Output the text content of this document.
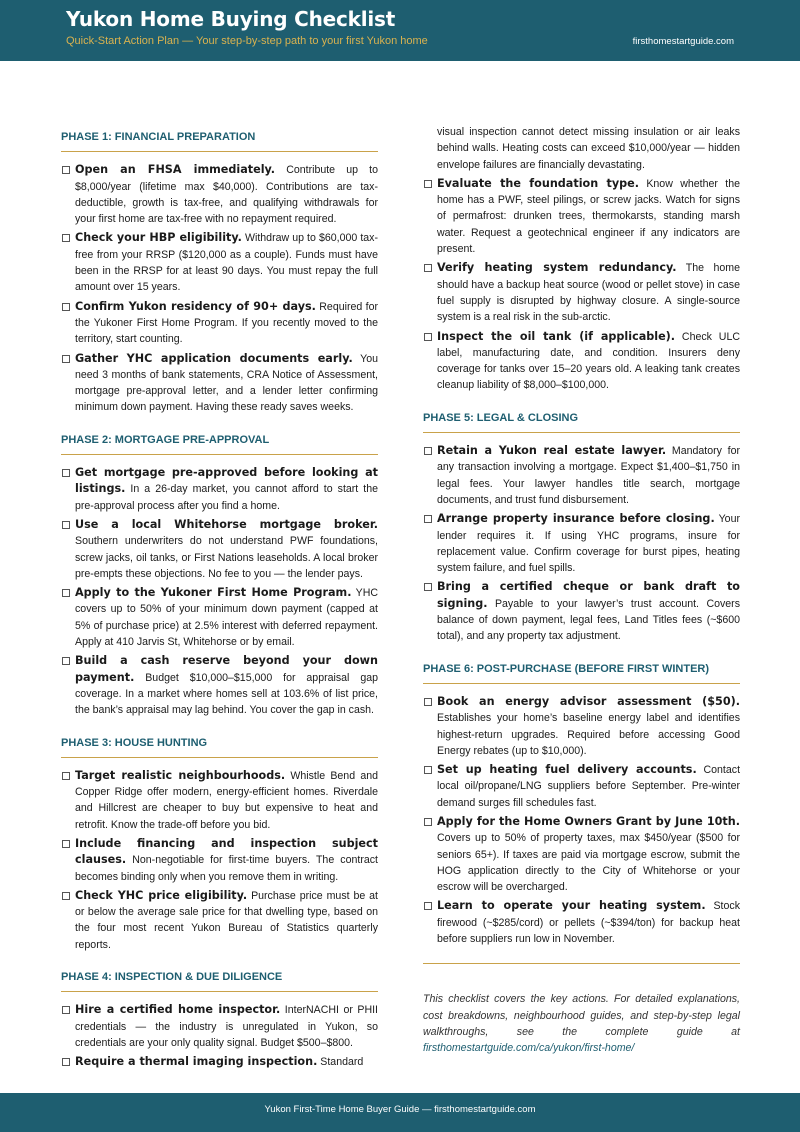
Yukon Home Buying Checklist
Quick-Start Action Plan — Your step-by-step path to your first Yukon home	firsthomestartguide.com
PHASE 1: FINANCIAL PREPARATION
Open an FHSA immediately. Contribute up to $8,000/year (lifetime max $40,000). Contributions are tax-deductible, growth is tax-free, and qualifying withdrawals for your first home are tax-free with no repayment required.
Check your HBP eligibility. Withdraw up to $60,000 tax-free from your RRSP ($120,000 as a couple). Funds must have been in the RRSP for at least 90 days. You must repay the full amount over 15 years.
Confirm Yukon residency of 90+ days. Required for the Yukoner First Home Program. If you recently moved to the territory, start counting.
Gather YHC application documents early. You need 3 months of bank statements, CRA Notice of Assessment, mortgage pre-approval letter, and a lender letter confirming minimum down payment. Having these ready saves weeks.
PHASE 2: MORTGAGE PRE-APPROVAL
Get mortgage pre-approved before looking at listings. In a 26-day market, you cannot afford to start the pre-approval process after you find a home.
Use a local Whitehorse mortgage broker. Southern underwriters do not understand PWF foundations, screw jacks, oil tanks, or First Nations leaseholds. A local broker pre-empts these objections. No fee to you — the lender pays.
Apply to the Yukoner First Home Program. YHC covers up to 50% of your minimum down payment (capped at 5% of purchase price) at 2.5% interest with deferred repayment. Apply at 410 Jarvis St, Whitehorse or by email.
Build a cash reserve beyond your down payment. Budget $10,000–$15,000 for appraisal gap coverage. In a market where homes sell at 103.6% of list price, the bank’s appraisal may lag behind. You cover the gap in cash.
PHASE 3: HOUSE HUNTING
Target realistic neighbourhoods. Whistle Bend and Copper Ridge offer modern, energy-efficient homes. Riverdale and Hillcrest are cheaper to buy but expensive to heat and retrofit. Know the trade-off before you bid.
Include financing and inspection subject clauses. Non-negotiable for first-time buyers. The contract becomes binding only when you remove them in writing.
Check YHC price eligibility. Purchase price must be at or below the average sale price for that dwelling type, based on the four most recent Yukon Bureau of Statistics quarterly reports.
PHASE 4: INSPECTION & DUE DILIGENCE
Hire a certified home inspector. InterNACHI or PHII credentials — the industry is unregulated in Yukon, so credentials are your only quality signal. Budget $500–$800.
Require a thermal imaging inspection. Standard
visual inspection cannot detect missing insulation or air leaks behind walls. Heating costs can exceed $10,000/year — hidden envelope failures are financially devastating.
Evaluate the foundation type. Know whether the home has a PWF, steel pilings, or screw jacks. Watch for signs of permafrost: drunken trees, thermokarsts, standing marsh water. Request a geotechnical engineer if any indicators are present.
Verify heating system redundancy. The home should have a backup heat source (wood or pellet stove) in case fuel supply is disrupted by highway closure. A single-source system is a real risk in the sub-arctic.
Inspect the oil tank (if applicable). Check ULC label, manufacturing date, and condition. Insurers deny coverage for tanks over 15–20 years old. A leaking tank creates cleanup liability of $8,000–$100,000.
PHASE 5: LEGAL & CLOSING
Retain a Yukon real estate lawyer. Mandatory for any transaction involving a mortgage. Expect $1,400–$1,750 in legal fees. Your lawyer handles title search, mortgage documents, and trust fund disbursement.
Arrange property insurance before closing. Your lender requires it. If using YHC programs, insure for replacement value. Confirm coverage for burst pipes, heating system failure, and fuel spills.
Bring a certified cheque or bank draft to signing. Payable to your lawyer’s trust account. Covers balance of down payment, legal fees, Land Titles fees (~$600 total), and any property tax adjustment.
PHASE 6: POST-PURCHASE (BEFORE FIRST WINTER)
Book an energy advisor assessment ($50). Establishes your home’s baseline energy label and identifies highest-return upgrades. Required before accessing Good Energy rebates (up to $10,000).
Set up heating fuel delivery accounts. Contact local oil/propane/LNG suppliers before September. Pre-winter demand surges fill schedules fast.
Apply for the Home Owners Grant by June 10th. Covers up to 50% of property taxes, max $450/year ($500 for seniors 65+). If taxes are paid via mortgage escrow, submit the HOG application directly to the City of Whitehorse or your escrow will be overcharged.
Learn to operate your heating system. Stock firewood (~$285/cord) or pellets (~$394/ton) for backup heat before suppliers run low in November.
This checklist covers the key actions. For detailed explanations, cost breakdowns, neighbourhood guides, and step-by-step legal walkthroughs, see the complete guide at firsthomestartguide.com/ca/yukon/first-home/
Yukon First-Time Home Buyer Guide — firsthomestartguide.com
